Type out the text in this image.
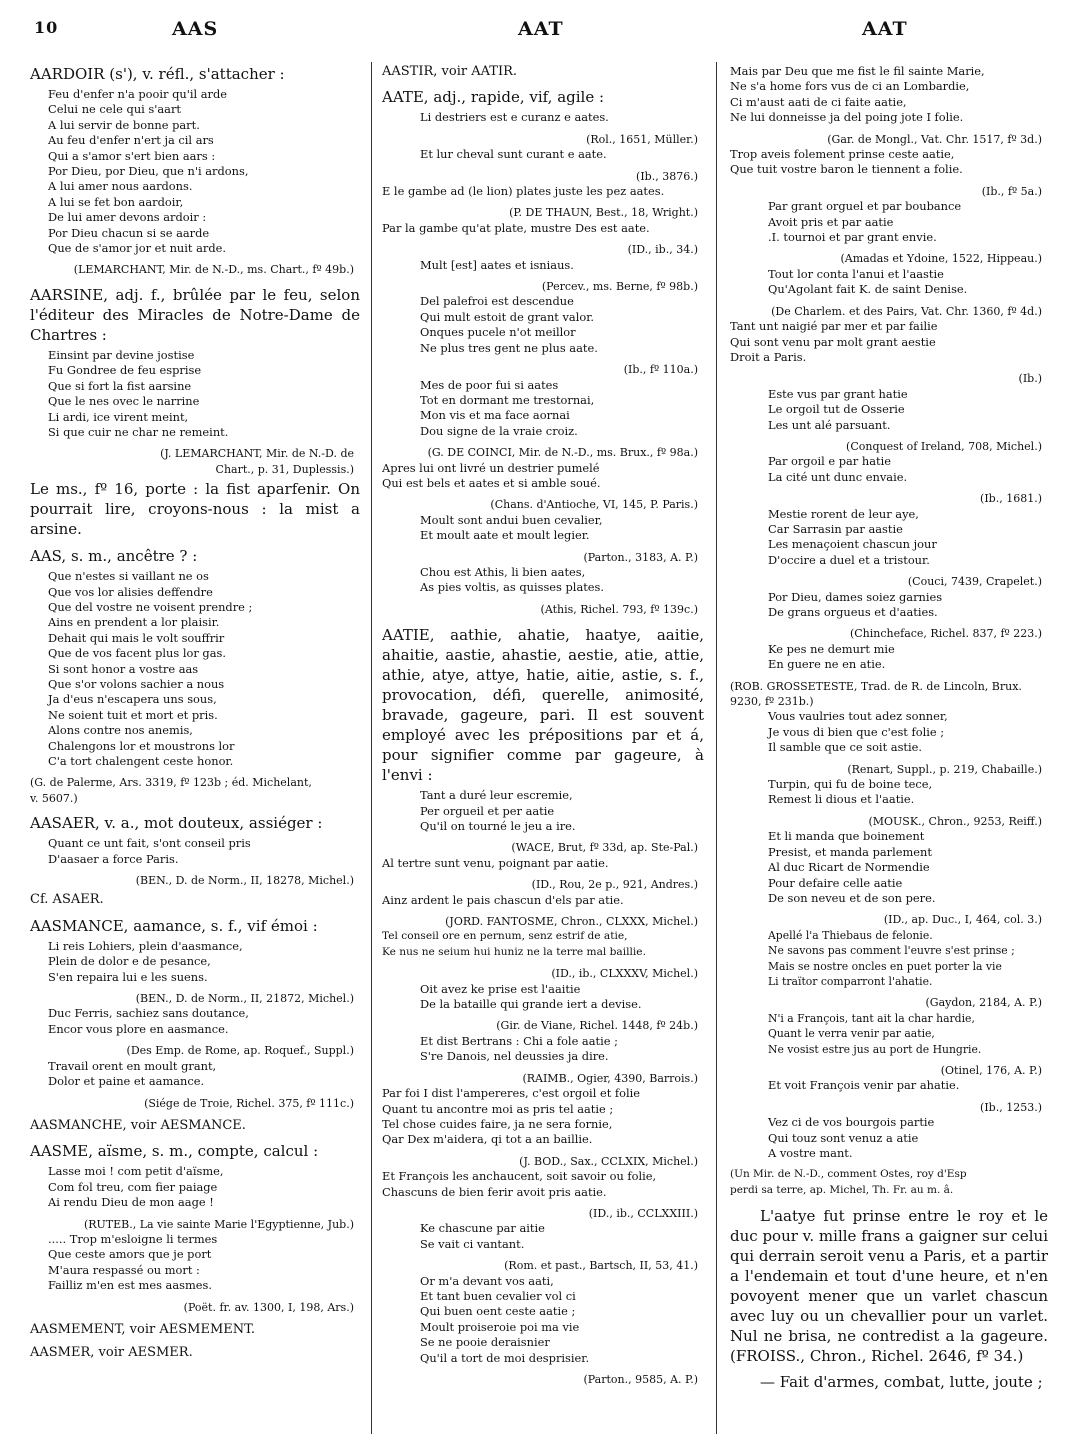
10	AAS	AAT	AAT
AARDOIR (s'), v. réfl., s'attacher :
Feu d'enfer n'a pooir qu'il arde
Celui ne cele qui s'aart
A lui servir de bonne part.
Au feu d'enfer n'ert ja cil ars
Qui a s'amor s'ert bien aars :
Por Dieu, por Dieu, que n'i ardons,
A lui amer nous aardons.
A lui se fet bon aardoir,
De lui amer devons ardoir :
Por Dieu chacun si se aarde
Que de s'amor jor et nuit arde.
(LEMARCHANT, Mir. de N.-D., ms. Chart., fº 49b.)
AARSINE, adj. f., brûlée par le feu, selon l'éditeur des Miracles de Notre-Dame de Chartres :
Einsint par devine jostise
Fu Gondree de feu esprise
Que si fort la fist aarsine
Que le nes ovec le narrine
Li ardi, ice virent meint,
Si que cuir ne char ne remeint.
(J. LEMARCHANT, Mir. de N.-D. de
Chart., p. 31, Duplessis.)
Le ms., fº 16, porte : la fist aparfenir. On pourrait lire, croyons-nous : la mist a arsine.
AAS, s. m., ancêtre ? :
Que n'estes si vaillant ne os
Que vos lor alisies deffendre
Que del vostre ne voisent prendre ;
Ains en prendent a lor plaisir.
Dehait qui mais le volt souffrir
Que de vos facent plus lor gas.
Si sont honor a vostre aas
Que s'or volons sachier a nous
Ja d'eus n'escapera uns sous,
Ne soient tuit et mort et pris.
Alons contre nos anemis,
Chalengons lor et moustrons lor
C'a tort chalengent ceste honor.
(G. de Palerme, Ars. 3319, fº 123b ; éd. Michelant,
v. 5607.)
AASAER, v. a., mot douteux, assiéger :
Quant ce unt fait, s'ont conseil pris
D'aasaer a force Paris.
(BEN., D. de Norm., II, 18278, Michel.)
Cf. ASAER.
AASMANCE, aamance, s. f., vif émoi :
Li reis Lohiers, plein d'aasmance,
Plein de dolor e de pesance,
S'en repaira lui e les suens.
(BEN., D. de Norm., II, 21872, Michel.)
Duc Ferris, sachiez sans doutance,
Encor vous plore en aasmance.
(Des Emp. de Rome, ap. Roquef., Suppl.)
Travail orent en moult grant,
Dolor et paine et aamance.
(Siége de Troie, Richel. 375, fº 111c.)
AASMANCHE, voir AESMANCE.
AASME, aïsme, s. m., compte, calcul :
Lasse moi ! com petit d'aïsme,
Com fol treu, com fier paiage
Ai rendu Dieu de mon aage !
(RUTEB., La vie sainte Marie l'Egyptienne, Jub.)
..... Trop m'esloigne li termes
Que ceste amors que je port
M'aura respassé ou mort :
Failliz m'en est mes aasmes.
(Poët. fr. av. 1300, I, 198, Ars.)
AASMEMENT, voir AESMEMENT.
AASMER, voir AESMER.
AASTIR, voir AATIR.
AATE, adj., rapide, vif, agile :
Li destriers est e curanz e aates.
(Rol., 1651, Müller.)
Et lur cheval sunt curant e aate.
(Ib., 3876.)
E le gambe ad (le lion) plates juste les pez aates.
(P. DE THAUN, Best., 18, Wright.)
Par la gambe qu'at plate, mustre Des est aate.
(ID., ib., 34.)
Mult [est] aates et isniaus.
(Percev., ms. Berne, fº 98b.)
Del palefroi est descendue
Qui mult estoit de grant valor.
Onques pucele n'ot meillor
Ne plus tres gent ne plus aate.
(Ib., fº 110a.)
Mes de poor fui si aates
Tot en dormant me trestornai,
Mon vis et ma face aornai
Dou signe de la vraie croiz.
(G. DE COINCI, Mir. de N.-D., ms. Brux., fº 98a.)
Apres lui ont livré un destrier pumelé
Qui est bels et aates et si amble soué.
(Chans. d'Antioche, VI, 145, P. Paris.)
Moult sont andui buen cevalier,
Et moult aate et moult legier.
(Parton., 3183, A. P.)
Chou est Athis, li bien aates,
As pies voltis, as quisses plates.
(Athis, Richel. 793, fº 139c.)
AATIE, aathie, ahatie, haatye, aaitie, ahaitie, aastie, ahastie, aestie, atie, attie, athie, atye, attye, hatie, aitie, astie, s. f., provocation, défi, querelle, animosité, bravade, gageure, pari. Il est souvent employé avec les prépositions par et á, pour signifier comme par gageure, à l'envi :
Tant a duré leur escremie,
Per orgueil et per aatie
Qu'il on tourné le jeu a ire.
(WACE, Brut, fº 33d, ap. Ste-Pal.)
Al tertre sunt venu, poignant par aatie.
(ID., Rou, 2e p., 921, Andres.)
Ainz ardent le pais chascun d'els par atie.
(JORD. FANTOSME, Chron., CLXXX, Michel.)
Tel conseil ore en pernum, senz estrif de atie,
Ke nus ne seium hui huniz ne la terre mal baillie.
(ID., ib., CLXXXV, Michel.)
Oit avez ke prise est l'aaitie
De la bataille qui grande iert a devise.
(Gir. de Viane, Richel. 1448, fº 24b.)
Et dist Bertrans : Chi a fole aatie ;
S're Danois, nel deussies ja dire.
(RAIMB., Ogier, 4390, Barrois.)
Par foi I dist l'ampereres, c'est orgoil et folie
Quant tu ancontre moi as pris tel aatie ;
Tel chose cuides faire, ja ne sera fornie,
Qar Dex m'aidera, qi tot a an baillie.
(J. BOD., Sax., CCLXIX, Michel.)
Et François les anchaucent, soit savoir ou folie,
Chascuns de bien ferir avoit pris aatie.
(ID., ib., CCLXXIII.)
Ke chascune par aitie
Se vait ci vantant.
(Rom. et past., Bartsch, II, 53, 41.)
Or m'a devant vos aati,
Et tant buen cevalier vol ci
Qui buen oent ceste aatie ;
Moult proiseroie poi ma vie
Se ne pooie deraisnier
Qu'il a tort de moi desprisier.
(Parton., 9585, A. P.)
Mais par Deu que me fist le fil sainte Marie,
Ne s'a home fors vus de ci an Lombardie,
Ci m'aust aati de ci faite aatie,
Ne lui donneisse ja del poing jote I folie.
(Gar. de Mongl., Vat. Chr. 1517, fº 3d.)
Trop aveis folement prinse ceste aatie,
Que tuit vostre baron le tiennent a folie.
(Ib., fº 5a.)
Par grant orguel et par boubance
Avoit pris et par aatie
.I. tournoi et par grant envie.
(Amadas et Ydoine, 1522, Hippeau.)
Tout lor conta l'anui et l'aastie
Qu'Agolant fait K. de saint Denise.
(De Charlem. et des Pairs, Vat. Chr. 1360, fº 4d.)
Tant unt naigié par mer et par failie
Qui sont venu par molt grant aestie
Droit a Paris.
(Ib.)
Este vus par grant hatie
Le orgoil tut de Osserie
Les unt alé parsuant.
(Conquest of Ireland, 708, Michel.)
Par orgoil e par hatie
La cité unt dunc envaie.
(Ib., 1681.)
Mestie rorent de leur aye,
Car Sarrasin par aastie
Les menaçoient chascun jour
D'occire a duel et a tristour.
(Couci, 7439, Crapelet.)
Por Dieu, dames soiez garnies
De grans orgueus et d'aaties.
(Chincheface, Richel. 837, fº 223.)
Ke pes ne demurt mie
En guere ne en atie.
(ROB. GROSSETESTE, Trad. de R. de Lincoln, Brux.
9230, fº 231b.)
Vous vaulries tout adez sonner,
Je vous di bien que c'est folie ;
Il samble que ce soit astie.
(Renart, Suppl., p. 219, Chabaille.)
Turpin, qui fu de boine tece,
Remest li dious et l'aatie.
(MOUSK., Chron., 9253, Reiff.)
Et li manda que boinement
Presist, et manda parlement
Al duc Ricart de Normendie
Pour defaire celle aatie
De son neveu et de son pere.
(ID., ap. Duc., I, 464, col. 3.)
Apellé l'a Thiebaus de felonie.
Ne savons pas comment l'euvre s'est prinse ;
Mais se nostre oncles en puet porter la vie
Li traïtor comparront l'ahatie.
(Gaydon, 2184, A. P.)
N'i a François, tant ait la char hardie,
Quant le verra venir par aatie,
Ne vosist estre jus au port de Hungrie.
(Otinel, 176, A. P.)
Et voit François venir par ahatie.
(Ib., 1253.)
Vez ci de vos bourgois partie
Qui touz sont venuz a atie
A vostre mant.
(Un Mir. de N.-D., comment Ostes, roy d'Esp
perdi sa terre, ap. Michel, Th. Fr. au m. â.
L'aatye fut prinse entre le roy et le duc pour v. mille frans a gaigner sur celui qui derrain seroit venu a Paris, et a partir a l'endemain et tout d'une heure, et n'en povoyent mener que un varlet chascun avec luy ou un chevallier pour un varlet. Nul ne brisa, ne contredist a la gageure. (FROISS., Chron., Richel. 2646, fº 34.)
— Fait d'armes, combat, lutte, joute ;
